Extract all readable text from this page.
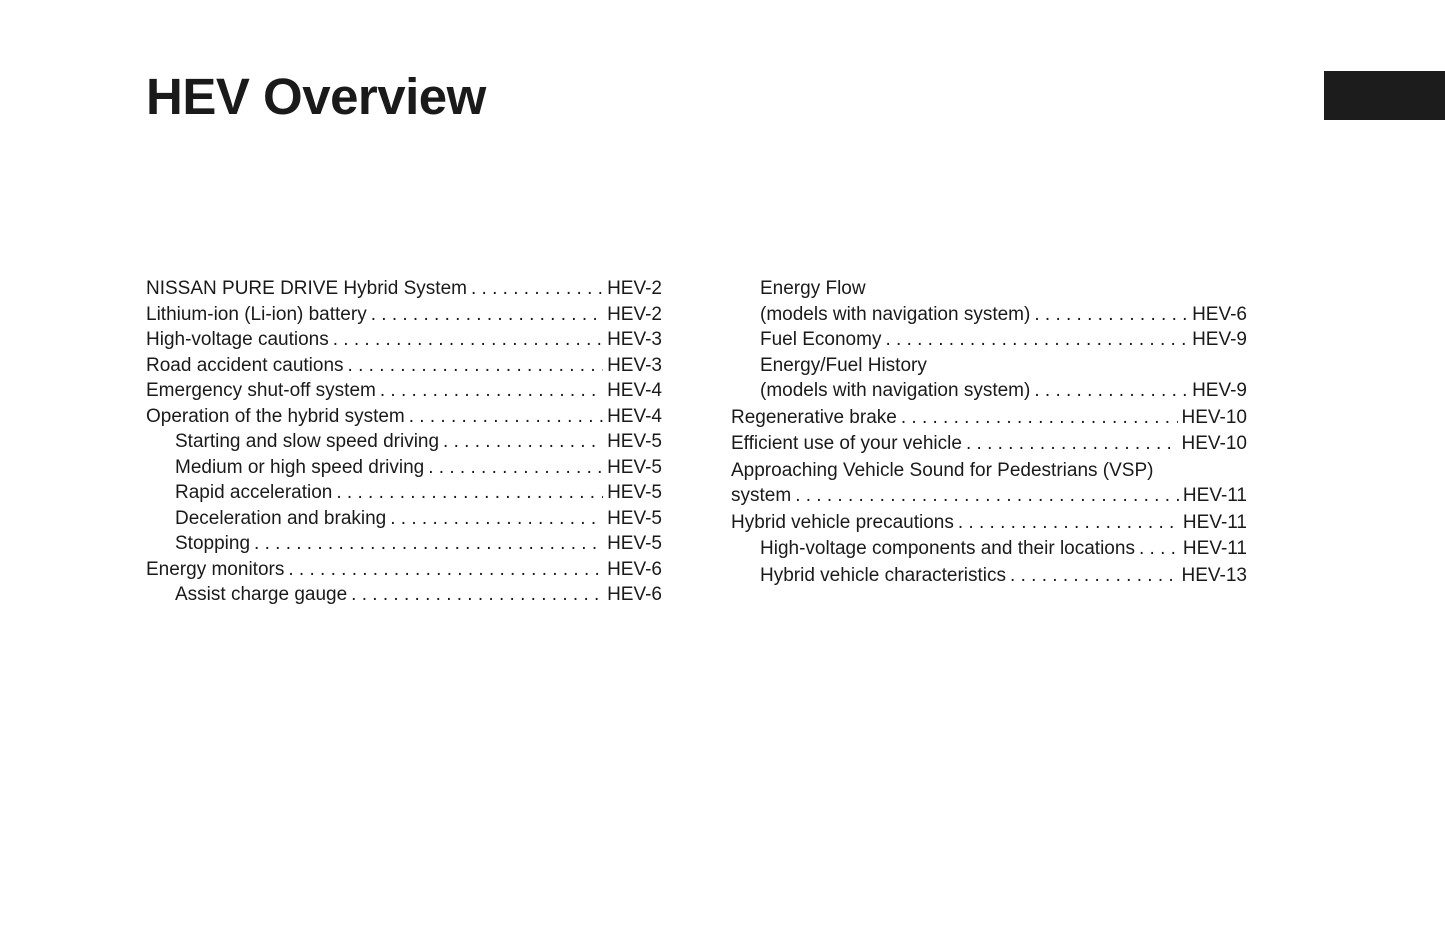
HEV Overview
NISSAN PURE DRIVE Hybrid System . . .	HEV-2
Lithium-ion (Li-ion) battery . . .	HEV-2
High-voltage cautions . . .	HEV-3
Road accident cautions . . .	HEV-3
Emergency shut-off system . . .	HEV-4
Operation of the hybrid system . . .	HEV-4
Starting and slow speed driving . . .	HEV-5
Medium or high speed driving . . .	HEV-5
Rapid acceleration . . .	HEV-5
Deceleration and braking . . .	HEV-5
Stopping . . .	HEV-5
Energy monitors . . .	HEV-6
Assist charge gauge . . .	HEV-6
Energy Flow
(models with navigation system) . . .	HEV-6
Fuel Economy . . .	HEV-9
Energy/Fuel History
(models with navigation system) . . .	HEV-9
Regenerative brake . . .	HEV-10
Efficient use of your vehicle . . .	HEV-10
Approaching Vehicle Sound for Pedestrians (VSP)
system . . .	HEV-11
Hybrid vehicle precautions . . .	HEV-11
High-voltage components and their locations . . .	HEV-11
Hybrid vehicle characteristics . . .	HEV-13
